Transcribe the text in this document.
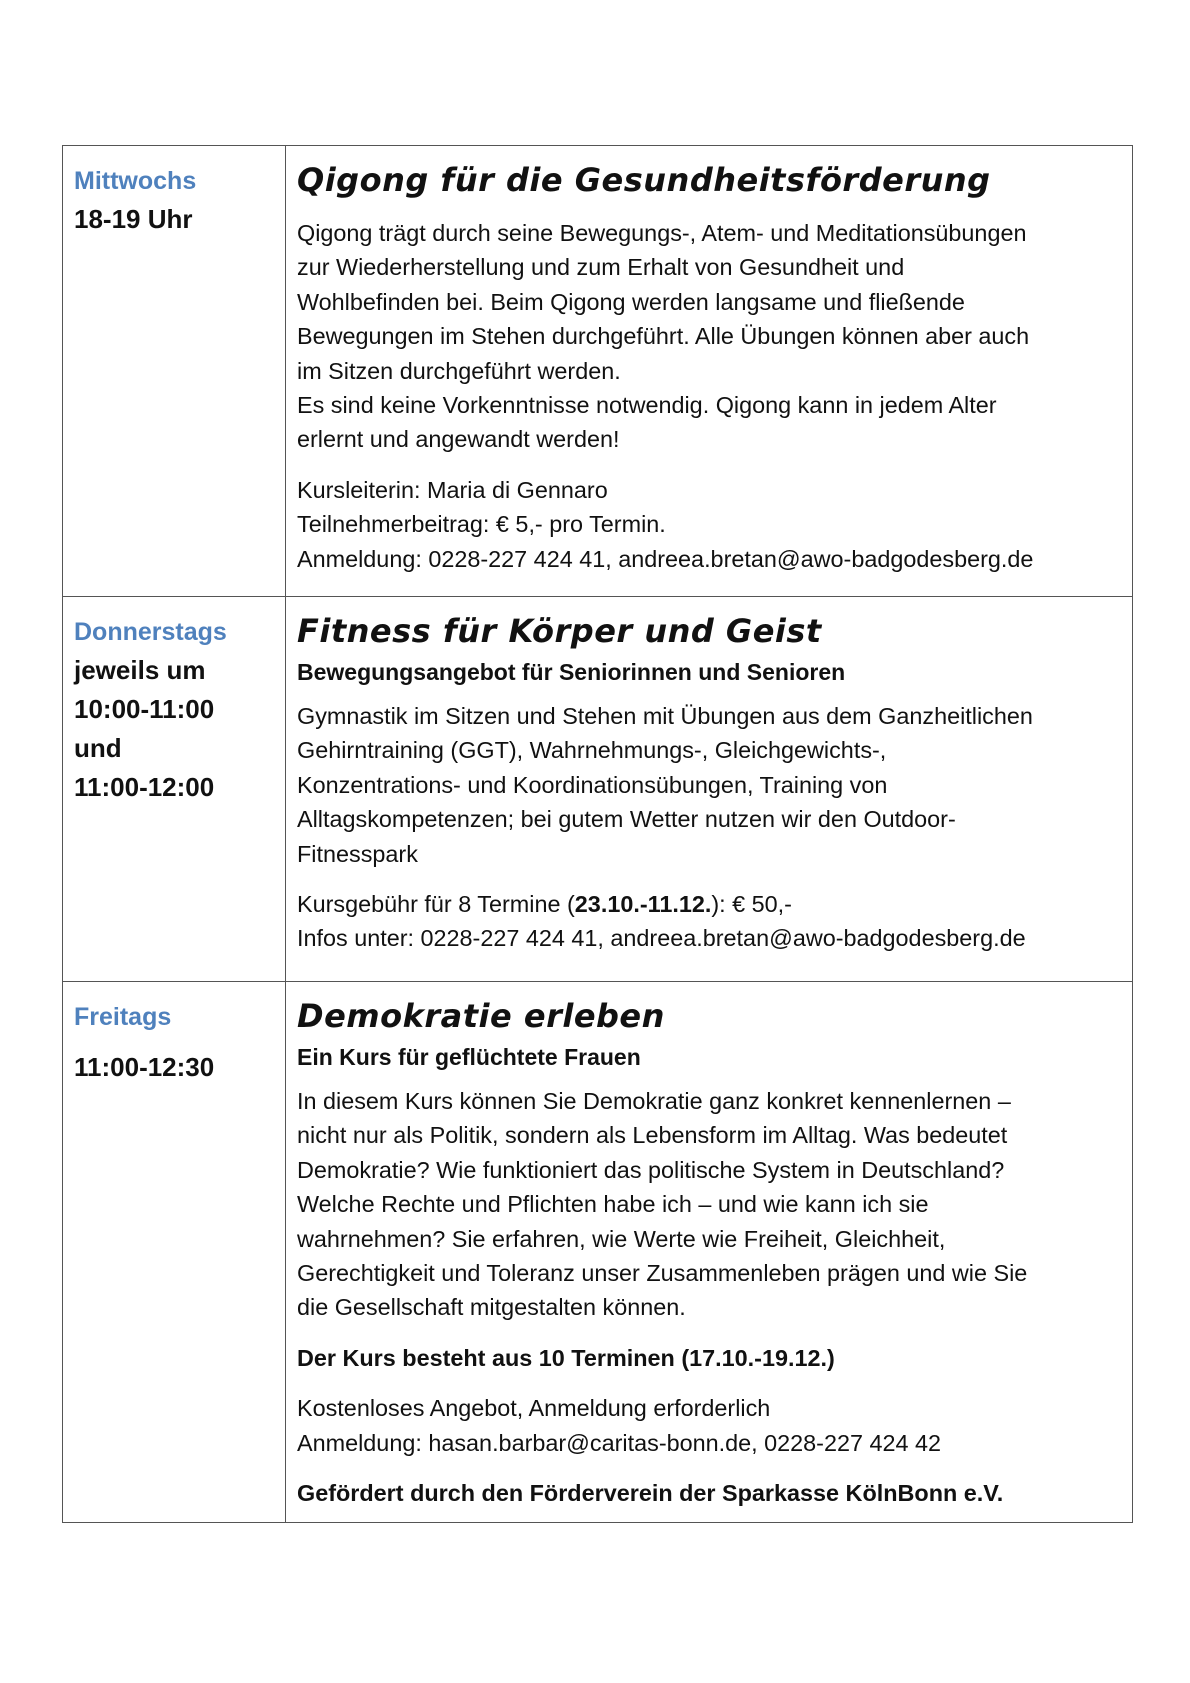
Mittwochs
18-19 Uhr
Qigong für die Gesundheitsförderung
Qigong trägt durch seine Bewegungs-, Atem- und Meditationsübungen
zur Wiederherstellung und zum Erhalt von Gesundheit und
Wohlbefinden bei. Beim Qigong werden langsame und fließende
Bewegungen im Stehen durchgeführt. Alle Übungen können aber auch
im Sitzen durchgeführt werden.
Es sind keine Vorkenntnisse notwendig. Qigong kann in jedem Alter
erlernt und angewandt werden!
Kursleiterin: Maria di Gennaro
Teilnehmerbeitrag: € 5,- pro Termin.
Anmeldung: 0228-227 424 41, andreea.bretan@awo-badgodesberg.de
Donnerstags
jeweils um
10:00-11:00
und
11:00-12:00
Fitness für Körper und Geist
Bewegungsangebot für Seniorinnen und Senioren
Gymnastik im Sitzen und Stehen mit Übungen aus dem Ganzheitlichen
Gehirntraining (GGT), Wahrnehmungs-, Gleichgewichts-,
Konzentrations- und Koordinationsübungen, Training von
Alltagskompetenzen; bei gutem Wetter nutzen wir den Outdoor-
Fitnesspark
Kursgebühr für 8 Termine (23.10.-11.12.): € 50,-
Infos unter: 0228-227 424 41, andreea.bretan@awo-badgodesberg.de
Freitags
11:00-12:30
Demokratie erleben
Ein Kurs für geflüchtete Frauen
In diesem Kurs können Sie Demokratie ganz konkret kennenlernen –
nicht nur als Politik, sondern als Lebensform im Alltag. Was bedeutet
Demokratie? Wie funktioniert das politische System in Deutschland?
Welche Rechte und Pflichten habe ich – und wie kann ich sie
wahrnehmen? Sie erfahren, wie Werte wie Freiheit, Gleichheit,
Gerechtigkeit und Toleranz unser Zusammenleben prägen und wie Sie
die Gesellschaft mitgestalten können.
Der Kurs besteht aus 10 Terminen (17.10.-19.12.)
Kostenloses Angebot, Anmeldung erforderlich
Anmeldung: hasan.barbar@caritas-bonn.de, 0228-227 424 42
Gefördert durch den Förderverein der Sparkasse KölnBonn e.V.
